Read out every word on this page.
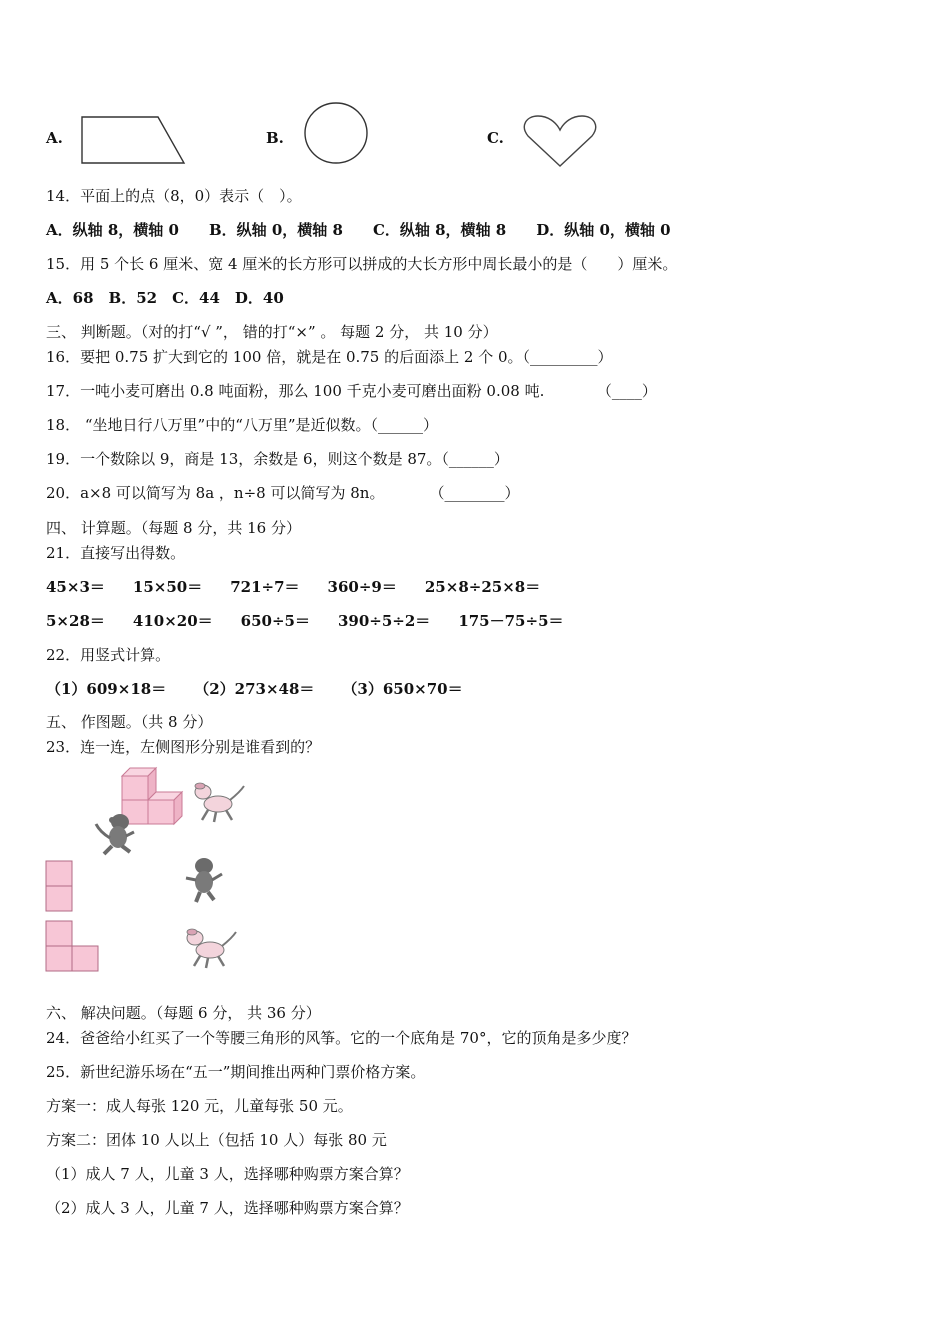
A.	B.	C.
14．平面上的点（8，0）表示（　）。
A．纵轴 8，横轴 0　　B．纵轴 0，横轴 8　　C．纵轴 8，横轴 8　　D．纵轴 0，横轴 0
15．用 5 个长 6 厘米、宽 4 厘米的长方形可以拼成的大长方形中周长最小的是（　　）厘米。
A．68　B．52　C．44　D．40
三、 判断题。（对的打“√ ”， 错的打“×” 。 每题 2 分， 共 10 分）
16．要把 0.75 扩大到它的 100 倍，就是在 0.75 的后面添上 2 个 0。（_________）
17．一吨小麦可磨出 0.8 吨面粉，那么 100 千克小麦可磨出面粉 0.08 吨.　　　　（____）
18． “坐地日行八万里”中的“八万里”是近似数。（______）
19．一个数除以 9，商是 13，余数是 6，则这个数是 87。（______）
20．a×8 可以简写为 8a ，n÷8 可以简写为 8n。　　　　（________）
四、 计算题。（每题 8 分，共 16 分）
21．直接写出得数。
45×3＝ 15×50＝ 721÷7＝ 360÷9＝ 25×8÷25×8＝
5×28＝ 410×20＝ 650÷5＝ 390÷5÷2＝ 175－75÷5＝
22．用竖式计算。
（1）609×18＝ （2）273×48＝ （3）650×70＝
五、 作图题。（共 8 分）
23．连一连，左侧图形分别是谁看到的？
六、 解决问题。（每题 6 分， 共 36 分）
24．爸爸给小红买了一个等腰三角形的风筝。它的一个底角是 70°，它的顶角是多少度？
25．新世纪游乐场在“五一”期间推出两种门票价格方案。
方案一：成人每张 120 元，儿童每张 50 元。
方案二：团体 10 人以上（包括 10 人）每张 80 元
（1）成人 7 人，儿童 3 人，选择哪种购票方案合算？
（2）成人 3 人，儿童 7 人，选择哪种购票方案合算？
